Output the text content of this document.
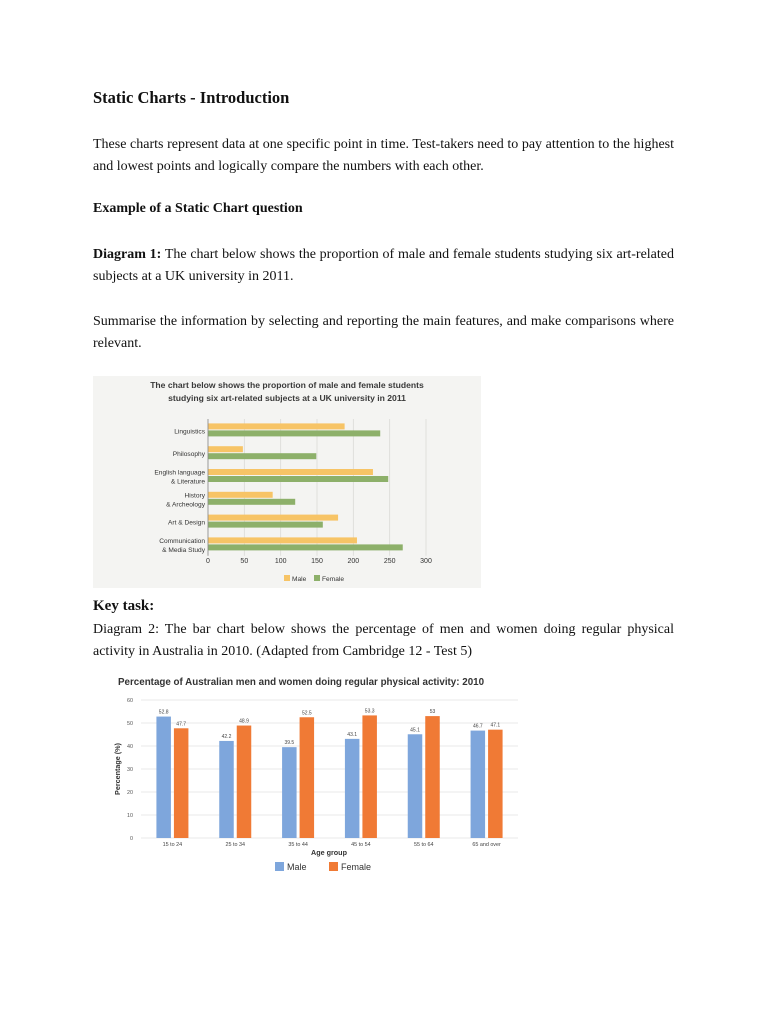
Static Charts - Introduction

These charts represent data at one specific point in time. Test-takers need to pay attention to the highest and lowest points and logically compare the numbers with each other.

Example of a Static Chart question

Diagram 1: The chart below shows the proportion of male and female students studying six art-related subjects at a UK university in 2011.

Summarise the information by selecting and reporting the main features, and make comparisons where relevant.

Key task:

Diagram 2: The bar chart below shows the percentage of men and women doing regular physical activity in Australia in 2010. (Adapted from Cambridge 12 - Test 5)

The chart below shows the proportion of male and female students
studying six art-related subjects at a UK university in 2011
0	50	100	150	200	250	300
Linguistics
Philosophy
English language
& Literature
History
& Archeology
Art & Design
Communication
& Media Study
Male Female
Percentage of Australian men and women doing regular physical activity: 2010
0
10
20
30
40
50
60
Percentage (%)
52.8
47.7
15 to 24
42.2
48.9
25 to 34
39.5
52.5
35 to 44
43.1
53.3
45 to 54
45.1
53
55 to 64
46.7 47.1
65 and over
Age group
Male	Female
